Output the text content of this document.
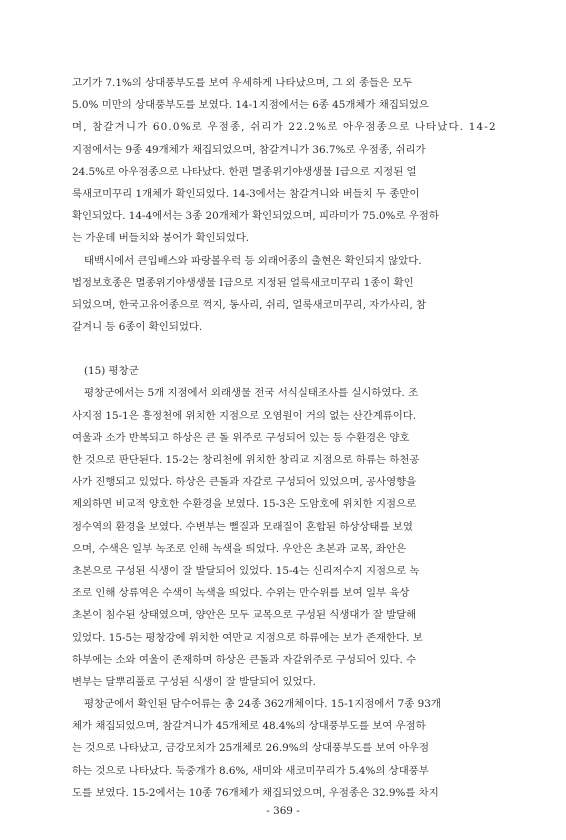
고기가 7.1%의 상대풍부도를 보여 우세하게 나타났으며, 그 외 종들은 모두
5.0% 미만의 상대풍부도를 보였다. 14-1지점에서는 6종 45개체가 채집되었으
며, 참갈겨니가 60.0%로 우점종, 쉬리가 22.2%로 아우점종으로 나타났다. 14-2
지점에서는 9종 49개체가 채집되었으며, 참갈겨니가 36.7%로 우점종, 쉬리가
24.5%로 아우점종으로 나타났다. 한편 멸종위기야생생물 Ⅰ급으로 지정된 얼
룩새코미꾸리 1개체가 확인되었다. 14-3에서는 참갈겨니와 버들치 두 종만이
확인되었다. 14-4에서는 3종 20개체가 확인되었으며, 피라미가 75.0%로 우점하
는 가운데 버들치와 붕어가 확인되었다.
태백시에서 큰입배스와 파랑볼우럭 등 외래어종의 출현은 확인되지 않았다.
법정보호종은 멸종위기야생생물 Ⅰ급으로 지정된 얼룩새코미꾸리 1종이 확인
되었으며, 한국고유어종으로 꺽지, 동사리, 쉬리, 얼룩새코미꾸리, 자가사리, 참
갈겨니 등 6종이 확인되었다.
(15) 평창군
평창군에서는 5개 지점에서 외래생물 전국 서식실태조사를 실시하였다. 조
사지점 15-1은 흥정천에 위치한 지점으로 오염원이 거의 없는 산간계류이다.
여울과 소가 반복되고 하상은 큰 돌 위주로 구성되어 있는 등 수환경은 양호
한 것으로 판단된다. 15-2는 창리천에 위치한 창리교 지점으로 하류는 하천공
사가 진행되고 있었다. 하상은 큰돌과 자갈로 구성되어 있었으며, 공사영향을
제외하면 비교적 양호한 수환경을 보였다. 15-3은 도암호에 위치한 지점으로
정수역의 환경을 보였다. 수변부는 뻘질과 모래질이 혼합된 하상상태를 보였
으며, 수색은 일부 녹조로 인해 녹색을 띄었다. 우안은 초본과 교목, 좌안은
초본으로 구성된 식생이 잘 발달되어 있었다. 15-4는 신리저수지 지점으로 녹
조로 인해 상류역은 수색이 녹색을 띄었다. 수위는 만수위를 보여 일부 육상
초본이 침수된 상태였으며, 양안은 모두 교목으로 구성된 식생대가 잘 발달해
있었다. 15-5는 평창강에 위치한 여만교 지점으로 하류에는 보가 존재한다. 보
하부에는 소와 여울이 존재하며 하상은 큰돌과 자갈위주로 구성되어 있다. 수
변부는 달뿌리풀로 구성된 식생이 잘 발달되어 있었다.
평창군에서 확인된 담수어류는 총 24종 362개체이다. 15-1지점에서 7종 93개
체가 채집되었으며, 참갈겨니가 45개체로 48.4%의 상대풍부도를 보여 우점하
는 것으로 나타났고, 금강모치가 25개체로 26.9%의 상대풍부도를 보여 아우점
하는 것으로 나타났다. 둑중개가 8.6%, 새미와 새코미꾸리가 5.4%의 상대풍부
도를 보였다. 15-2에서는 10종 76개체가 채집되었으며, 우점종은 32.9%를 차지
- 369 -
